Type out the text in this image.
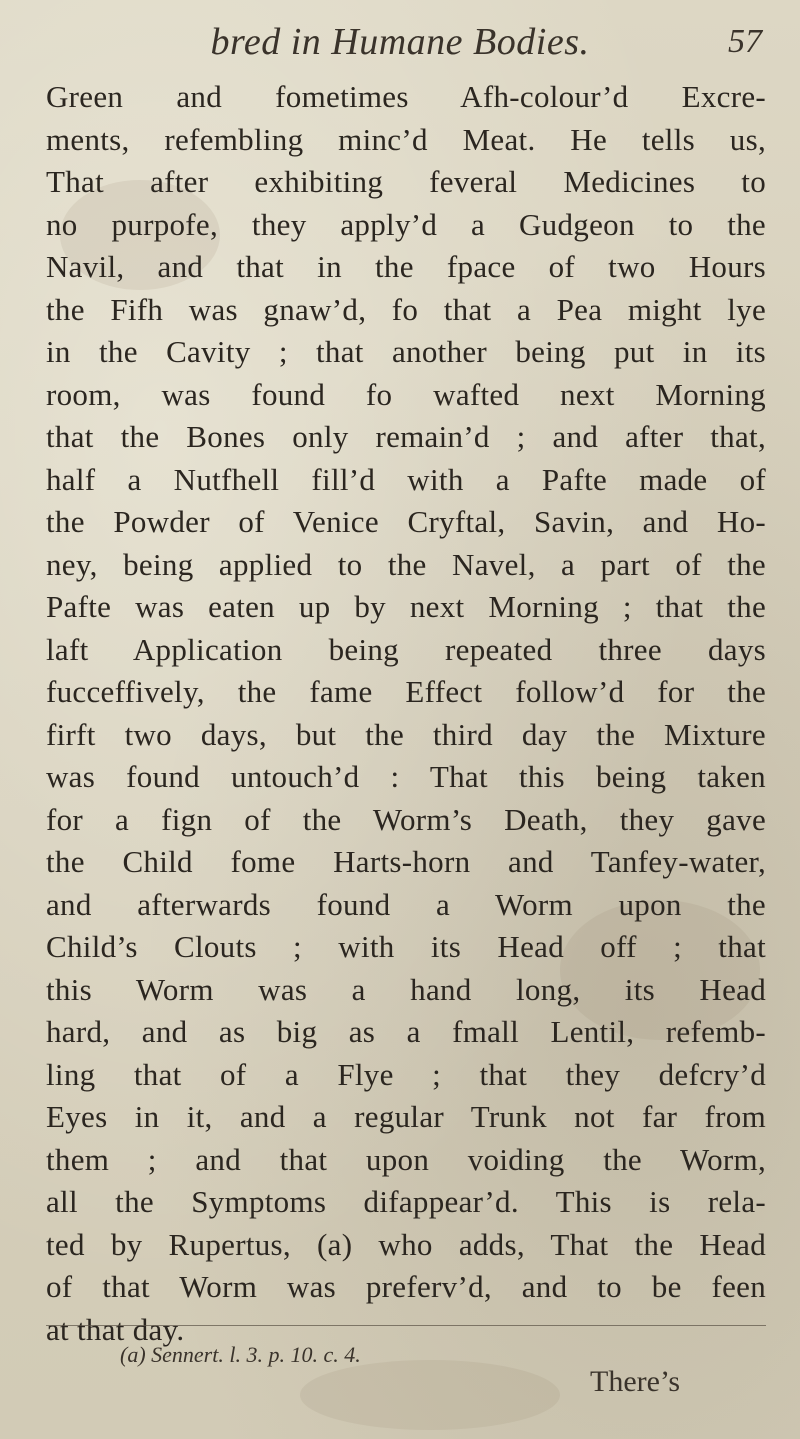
bred in Humane Bodies.	57
Green and fometimes Afh-colour’d Excre-
ments, refembling minc’d Meat. He tells us,
That after exhibiting feveral Medicines to
no purpofe, they apply’d a Gudgeon to the
Navil, and that in the fpace of two Hours
the Fifh was gnaw’d, fo that a Pea might lye
in the Cavity ; that another being put in its
room, was found fo wafted next Morning
that the Bones only remain’d ; and after that,
half a Nutfhell fill’d with a Pafte made of
the Powder of Venice Cryftal, Savin, and Ho-
ney, being applied to the Navel, a part of the
Pafte was eaten up by next Morning ; that the
laft Application being repeated three days
fucceffively, the fame Effect follow’d for the
firft two days, but the third day the Mixture
was found untouch’d : That this being taken
for a fign of the Worm’s Death, they gave
the Child fome Harts-horn and Tanfey-water,
and afterwards found a Worm upon the
Child’s Clouts ; with its Head off ; that
this Worm was a hand long, its Head
hard, and as big as a fmall Lentil, refemb-
ling that of a Flye ; that they defcry’d
Eyes in it, and a regular Trunk not far from
them ; and that upon voiding the Worm,
all the Symptoms difappear’d. This is rela-
ted by Rupertus, (a) who adds, That the Head
of that Worm was preferv’d, and to be feen
at that day.
(a) Sennert. l. 3. p. 10. c. 4.
There’s
